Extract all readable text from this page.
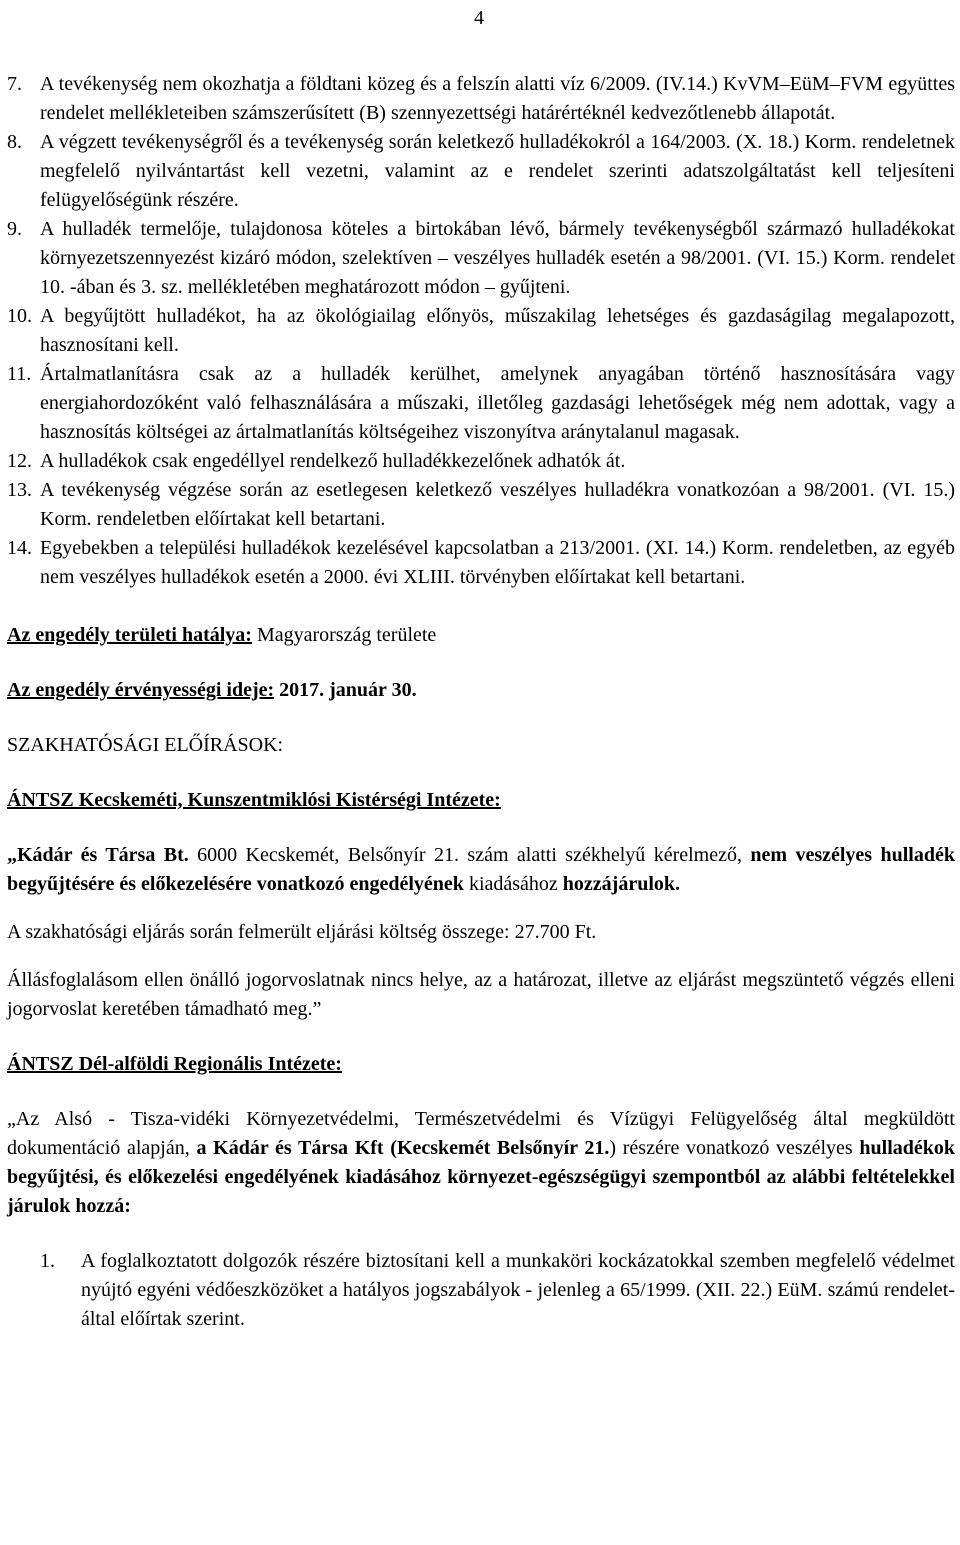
4
7. A tevékenység nem okozhatja a földtani közeg és a felszín alatti víz 6/2009. (IV.14.) KvVM–EüM–FVM együttes rendelet mellékleteiben számszerűsített (B) szennyezettségi határértéknél kedvezőtlenebb állapotát.
8. A végzett tevékenységről és a tevékenység során keletkező hulladékokról a 164/2003. (X. 18.) Korm. rendeletnek megfelelő nyilvántartást kell vezetni, valamint az e rendelet szerinti adatszolgáltatást kell teljesíteni felügyelőségünk részére.
9. A hulladék termelője, tulajdonosa köteles a birtokában lévő, bármely tevékenységből származó hulladékokat környezetszennyezést kizáró módon, szelektíven – veszélyes hulladék esetén a 98/2001. (VI. 15.) Korm. rendelet 10. -ában és 3. sz. mellékletében meghatározott módon – gyűjteni.
10. A begyűjtött hulladékot, ha az ökológiailag előnyös, műszakilag lehetséges és gazdaságilag megalapozott, hasznosítani kell.
11. Ártalmatlanításra csak az a hulladék kerülhet, amelynek anyagában történő hasznosítására vagy energiahordozóként való felhasználására a műszaki, illetőleg gazdasági lehetőségek még nem adottak, vagy a hasznosítás költségei az ártalmatlanítás költségeihez viszonyítva aránytalanul magasak.
12. A hulladékok csak engedéllyel rendelkező hulladékkezelőnek adhatók át.
13. A tevékenység végzése során az esetlegesen keletkező veszélyes hulladékra vonatkozóan a 98/2001. (VI. 15.) Korm. rendeletben előírtakat kell betartani.
14. Egyebekben a települési hulladékok kezelésével kapcsolatban a 213/2001. (XI. 14.) Korm. rendeletben, az egyéb nem veszélyes hulladékok esetén a 2000. évi XLIII. törvényben előírtakat kell betartani.

Az engedély területi hatálya: Magyarország területe

Az engedély érvényességi ideje: 2017. január 30.

SZAKHATÓSÁGI ELŐÍRÁSOK:

ÁNTSZ Kecskeméti, Kunszentmiklósi Kistérségi Intézete:

„Kádár és Társa Bt. 6000 Kecskemét, Belsőnyír 21. szám alatti székhelyű kérelmező, nem veszélyes hulladék begyűjtésére és előkezelésére vonatkozó engedélyének kiadásához hozzájárulok.

A szakhatósági eljárás során felmerült eljárási költség összege: 27.700 Ft.

Állásfoglalásom ellen önálló jogorvoslatnak nincs helye, az a határozat, illetve az eljárást megszüntető végzés elleni jogorvoslat keretében támadható meg.”

ÁNTSZ Dél-alföldi Regionális Intézete:

„Az Alsó - Tisza-vidéki Környezetvédelmi, Természetvédelmi és Vízügyi Felügyelőség által megküldött dokumentáció alapján, a Kádár és Társa Kft (Kecskemét Belsőnyír 21.) részére vonatkozó veszélyes hulladékok begyűjtési, és előkezelési engedélyének kiadásához környezet-egészségügyi szempontból az alábbi feltételekkel járulok hozzá:

1.	A foglalkoztatott dolgozók részére biztosítani kell a munkaköri kockázatokkal szemben megfelelő védelmet nyújtó egyéni védőeszközöket a hatályos jogszabályok - jelenleg a 65/1999. (XII. 22.) EüM. számú rendelet- által előírtak szerint.
